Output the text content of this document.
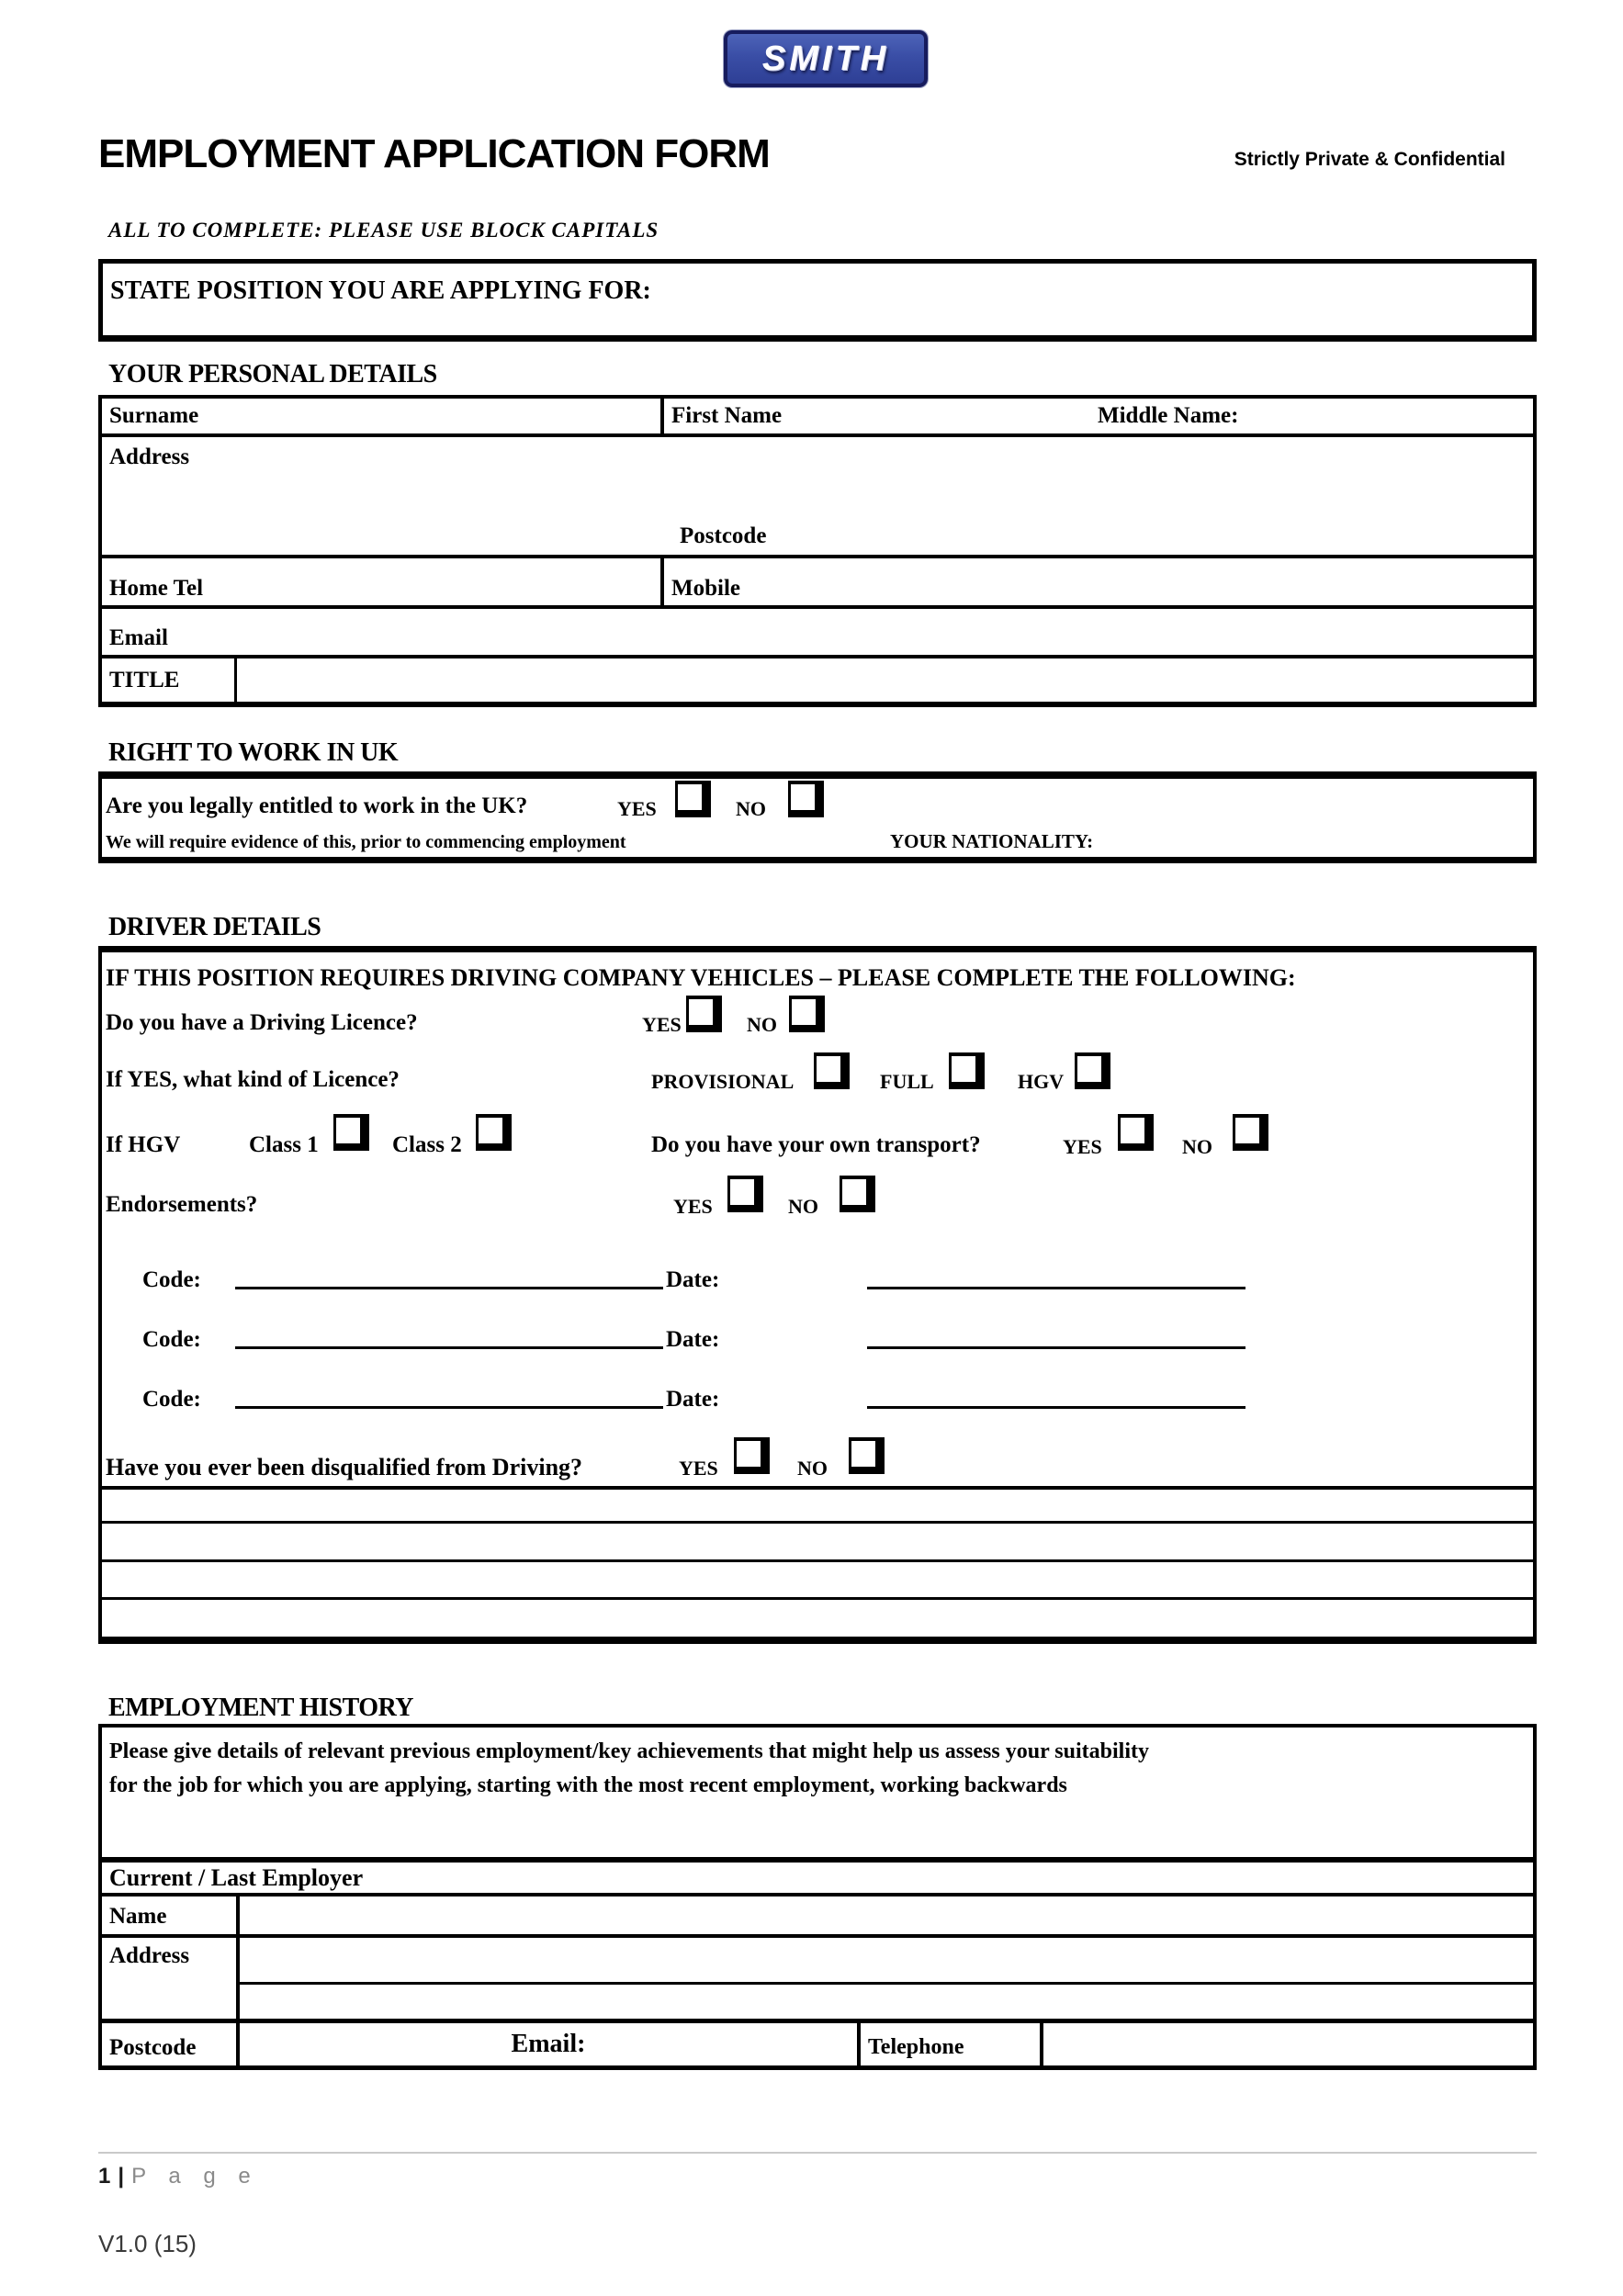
SMITH
EMPLOYMENT APPLICATION FORM	Strictly Private & Confidential
ALL TO COMPLETE: PLEASE USE BLOCK CAPITALS
STATE POSITION YOU ARE APPLYING FOR:
YOUR PERSONAL DETAILS
Surname	First Name	Middle Name:
Address
Postcode
Home Tel	Mobile
Email
TITLE
RIGHT TO WORK IN UK
Are you legally entitled to work in the UK?	YES	NO
We will require evidence of this, prior to commencing employment	YOUR NATIONALITY:
DRIVER DETAILS
IF THIS POSITION REQUIRES DRIVING COMPANY VEHICLES – PLEASE COMPLETE THE FOLLOWING:
Do you have a Driving Licence?	YES	NO
If YES, what kind of Licence?	PROVISIONAL	FULL	HGV
If HGV	Class 1	Class 2	Do you have your own transport?	YES	NO
Endorsements?	YES	NO
Code:	Date:
Code:	Date:
Code:	Date:
Have you ever been disqualified from Driving?	YES	NO
EMPLOYMENT HISTORY
Please give details of relevant previous employment/key achievements that might help us assess your suitability
for the job for which you are applying, starting with the most recent employment, working backwards
Current / Last Employer
Name
Address
Postcode	Email:	Telephone
1 | P a g e
V1.0 (15)
